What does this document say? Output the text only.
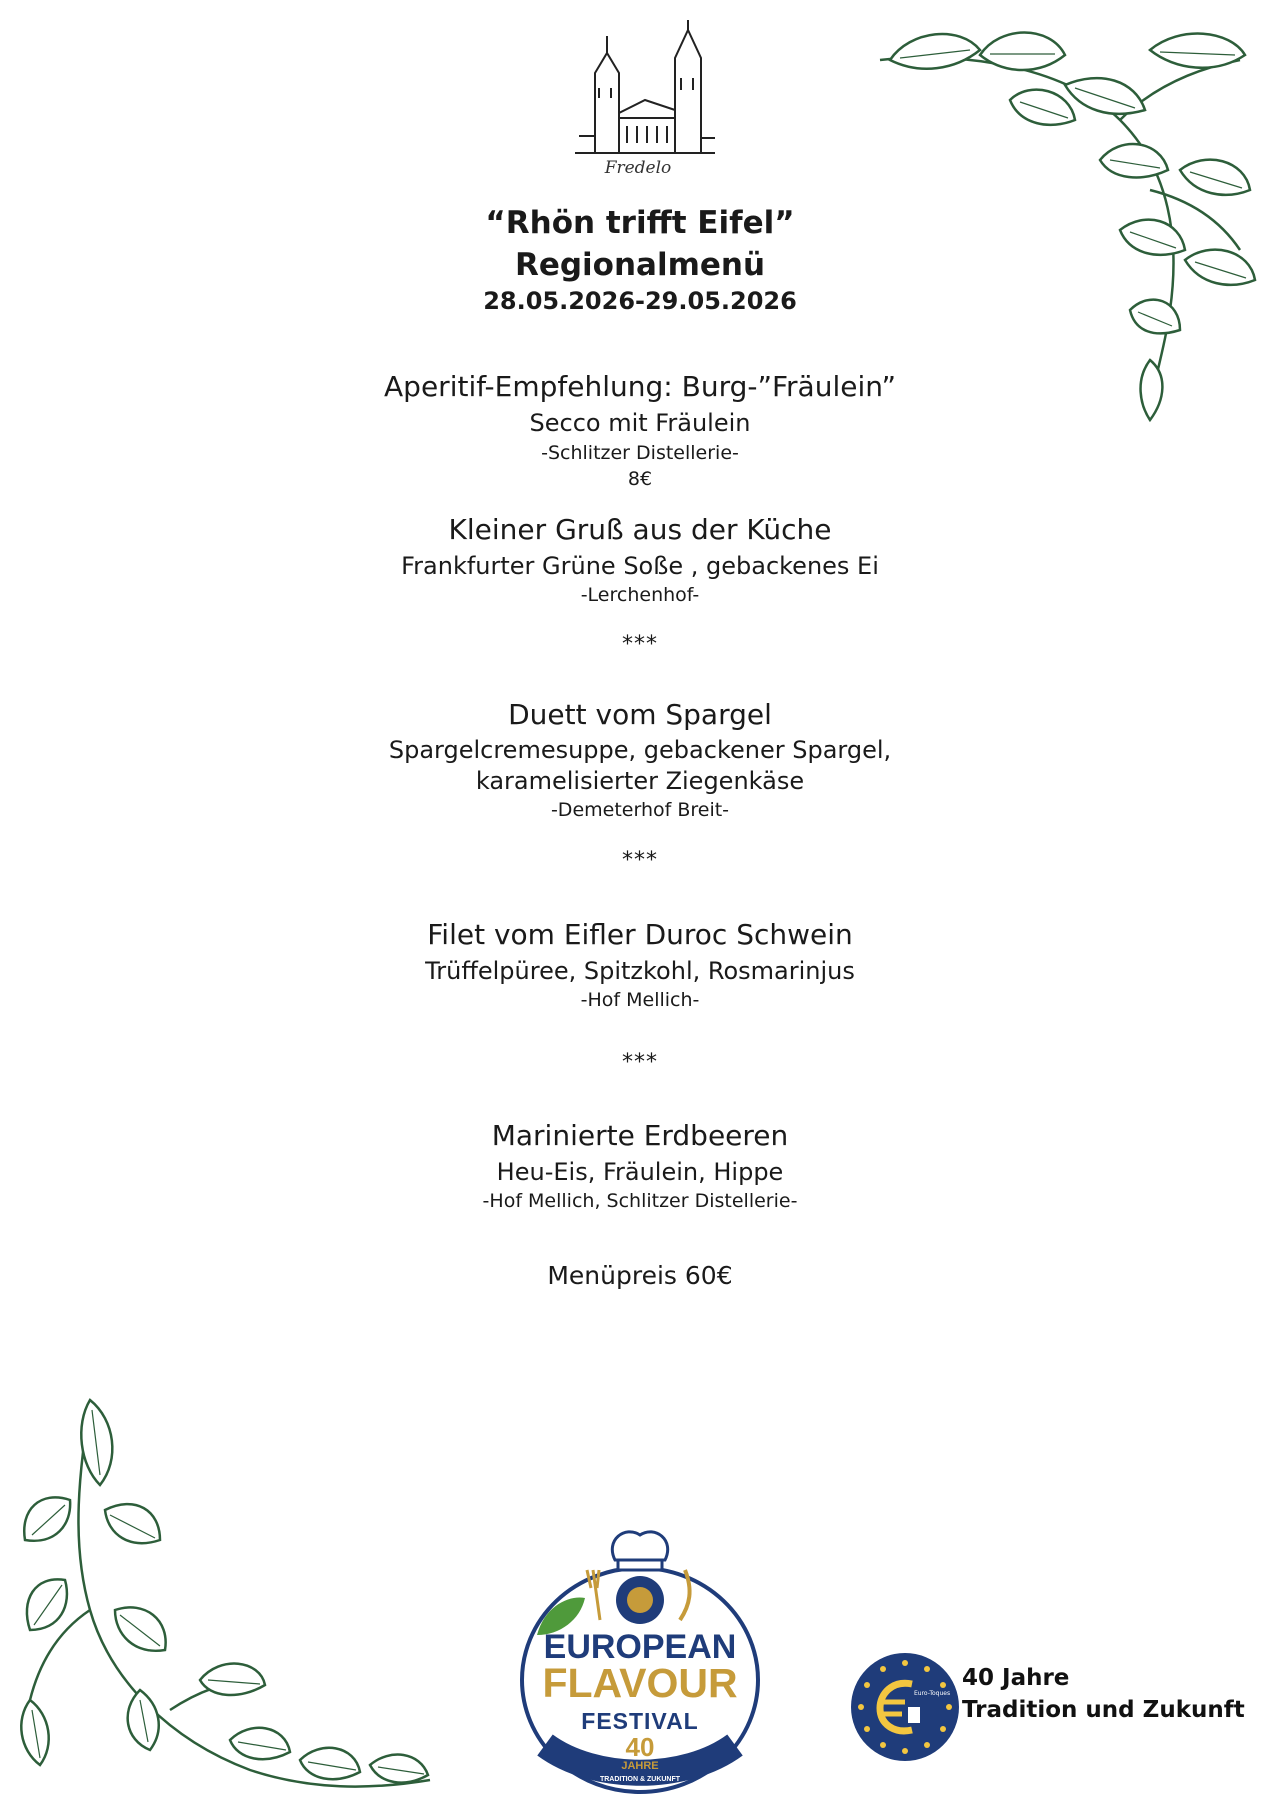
Fredelo
“Rhön trifft Eifel”
Regionalmenü
28.05.2026-29.05.2026
Aperitif-Empfehlung: Burg-”Fräulein”
Secco mit Fräulein
-Schlitzer Distellerie-
8€
Kleiner Gruß aus der Küche
Frankfurter Grüne Soße , gebackenes Ei
-Lerchenhof-
***
Duett vom Spargel
Spargelcremesuppe, gebackener Spargel,
karamelisierter Ziegenkäse
-Demeterhof Breit-
***
Filet vom Eifler Duroc Schwein
Trüffelpüree, Spitzkohl, Rosmarinjus
-Hof Mellich-
***
Marinierte Erdbeeren
Heu-Eis, Fräulein, Hippe
-Hof Mellich, Schlitzer Distellerie-
Menüpreis 60€
EUROPEAN
FLAVOUR
FESTIVAL
40
JAHRE
TRADITION & ZUKUNFT
Euro-Toques
40 Jahre
Tradition und Zukunft
